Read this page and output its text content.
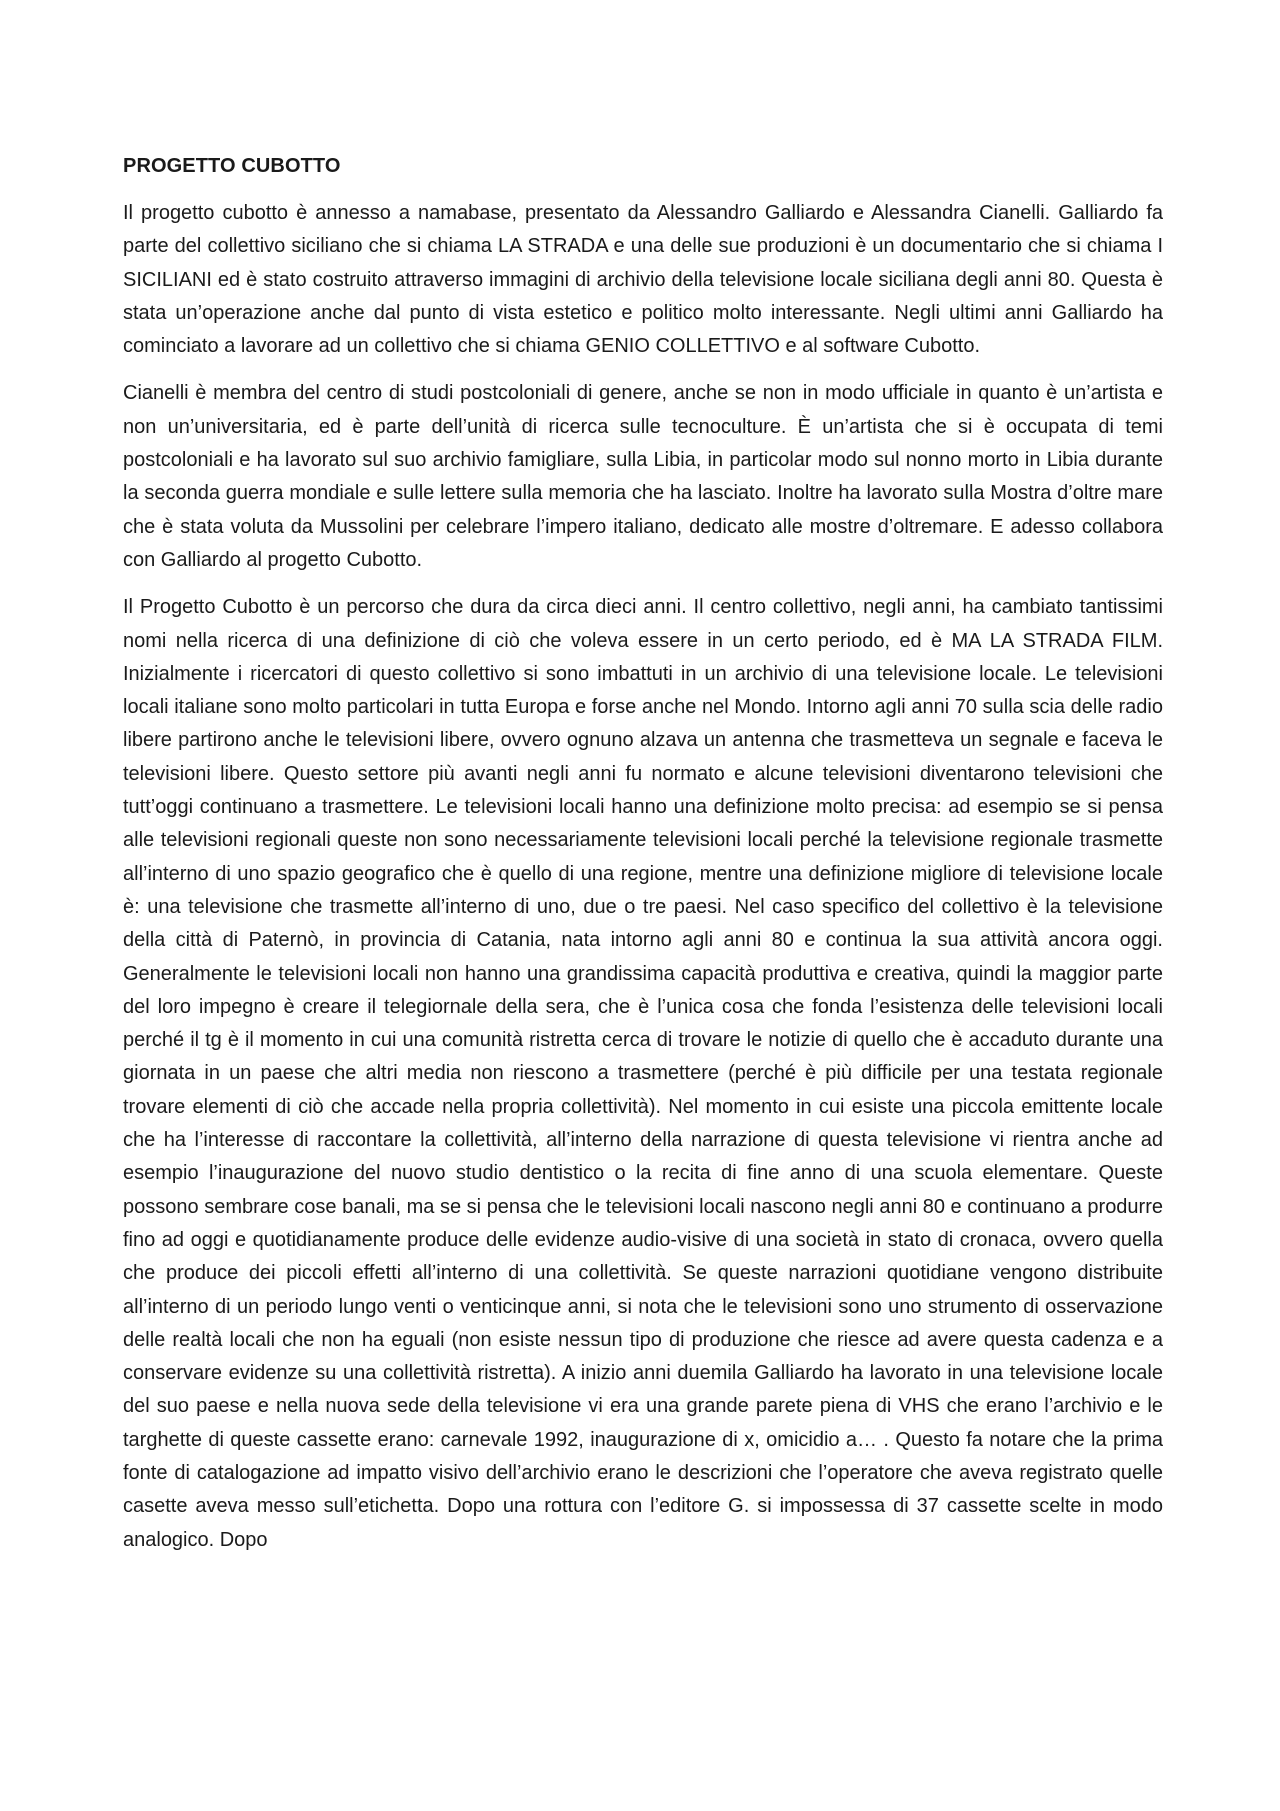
PROGETTO CUBOTTO

Il progetto cubotto è annesso a namabase, presentato da Alessandro Galliardo e Alessandra Cianelli. Galliardo fa parte del collettivo siciliano che si chiama LA STRADA e una delle sue produzioni è un documentario che si chiama I SICILIANI ed è stato costruito attraverso immagini di archivio della televisione locale siciliana degli anni 80. Questa è stata un’operazione anche dal punto di vista estetico e politico molto interessante. Negli ultimi anni Galliardo ha cominciato a lavorare ad un collettivo che si chiama GENIO COLLETTIVO e al software Cubotto.

Cianelli è membra del centro di studi postcoloniali di genere, anche se non in modo ufficiale in quanto è un’artista e non un’universitaria, ed è parte dell’unità di ricerca sulle tecnoculture. È un’artista che si è occupata di temi postcoloniali e ha lavorato sul suo archivio famigliare, sulla Libia, in particolar modo sul nonno morto in Libia durante la seconda guerra mondiale e sulle lettere sulla memoria che ha lasciato. Inoltre ha lavorato sulla Mostra d’oltre mare che è stata voluta da Mussolini per celebrare l’impero italiano, dedicato alle mostre d’oltremare. E adesso collabora con Galliardo al progetto Cubotto.

Il Progetto Cubotto è un percorso che dura da circa dieci anni. Il centro collettivo, negli anni, ha cambiato tantissimi nomi nella ricerca di una definizione di ciò che voleva essere in un certo periodo, ed è MA LA STRADA FILM. Inizialmente i ricercatori di questo collettivo si sono imbattuti in un archivio di una televisione locale. Le televisioni locali italiane sono molto particolari in tutta Europa e forse anche nel Mondo. Intorno agli anni 70 sulla scia delle radio libere partirono anche le televisioni libere, ovvero ognuno alzava un antenna che trasmetteva un segnale e faceva le televisioni libere. Questo settore più avanti negli anni fu normato e alcune televisioni diventarono televisioni che tutt’oggi continuano a trasmettere. Le televisioni locali hanno una definizione molto precisa: ad esempio se si pensa alle televisioni regionali queste non sono necessariamente televisioni locali perché la televisione regionale trasmette all’interno di uno spazio geografico che è quello di una regione, mentre una definizione migliore di televisione locale è: una televisione che trasmette all’interno di uno, due o tre paesi. Nel caso specifico del collettivo è la televisione della città di Paternò, in provincia di Catania, nata intorno agli anni 80 e continua la sua attività ancora oggi. Generalmente le televisioni locali non hanno una grandissima capacità produttiva e creativa, quindi la maggior parte del loro impegno è creare il telegiornale della sera, che è l’unica cosa che fonda l’esistenza delle televisioni locali perché il tg è il momento in cui una comunità ristretta cerca di trovare le notizie di quello che è accaduto durante una giornata in un paese che altri media non riescono a trasmettere (perché è più difficile per una testata regionale trovare elementi di ciò che accade nella propria collettività). Nel momento in cui esiste una piccola emittente locale che ha l’interesse di raccontare la collettività, all’interno della narrazione di questa televisione vi rientra anche ad esempio l’inaugurazione del nuovo studio dentistico o la recita di fine anno di una scuola elementare. Queste possono sembrare cose banali, ma se si pensa che le televisioni locali nascono negli anni 80 e continuano a produrre fino ad oggi e quotidianamente produce delle evidenze audio-visive di una società in stato di cronaca, ovvero quella che produce dei piccoli effetti all’interno di una collettività. Se queste narrazioni quotidiane vengono distribuite all’interno di un periodo lungo venti o venticinque anni, si nota che le televisioni sono uno strumento di osservazione delle realtà locali che non ha eguali (non esiste nessun tipo di produzione che riesce ad avere questa cadenza e a conservare evidenze su una collettività ristretta). A inizio anni duemila Galliardo ha lavorato in una televisione locale del suo paese e nella nuova sede della televisione vi era una grande parete piena di VHS che erano l’archivio e le targhette di queste cassette erano: carnevale 1992, inaugurazione di x, omicidio a… . Questo fa notare che la prima fonte di catalogazione ad impatto visivo dell’archivio erano le descrizioni che l’operatore che aveva registrato quelle casette aveva messo sull’etichetta. Dopo una rottura con l’editore G. si impossessa di 37 cassette scelte in modo analogico. Dopo
